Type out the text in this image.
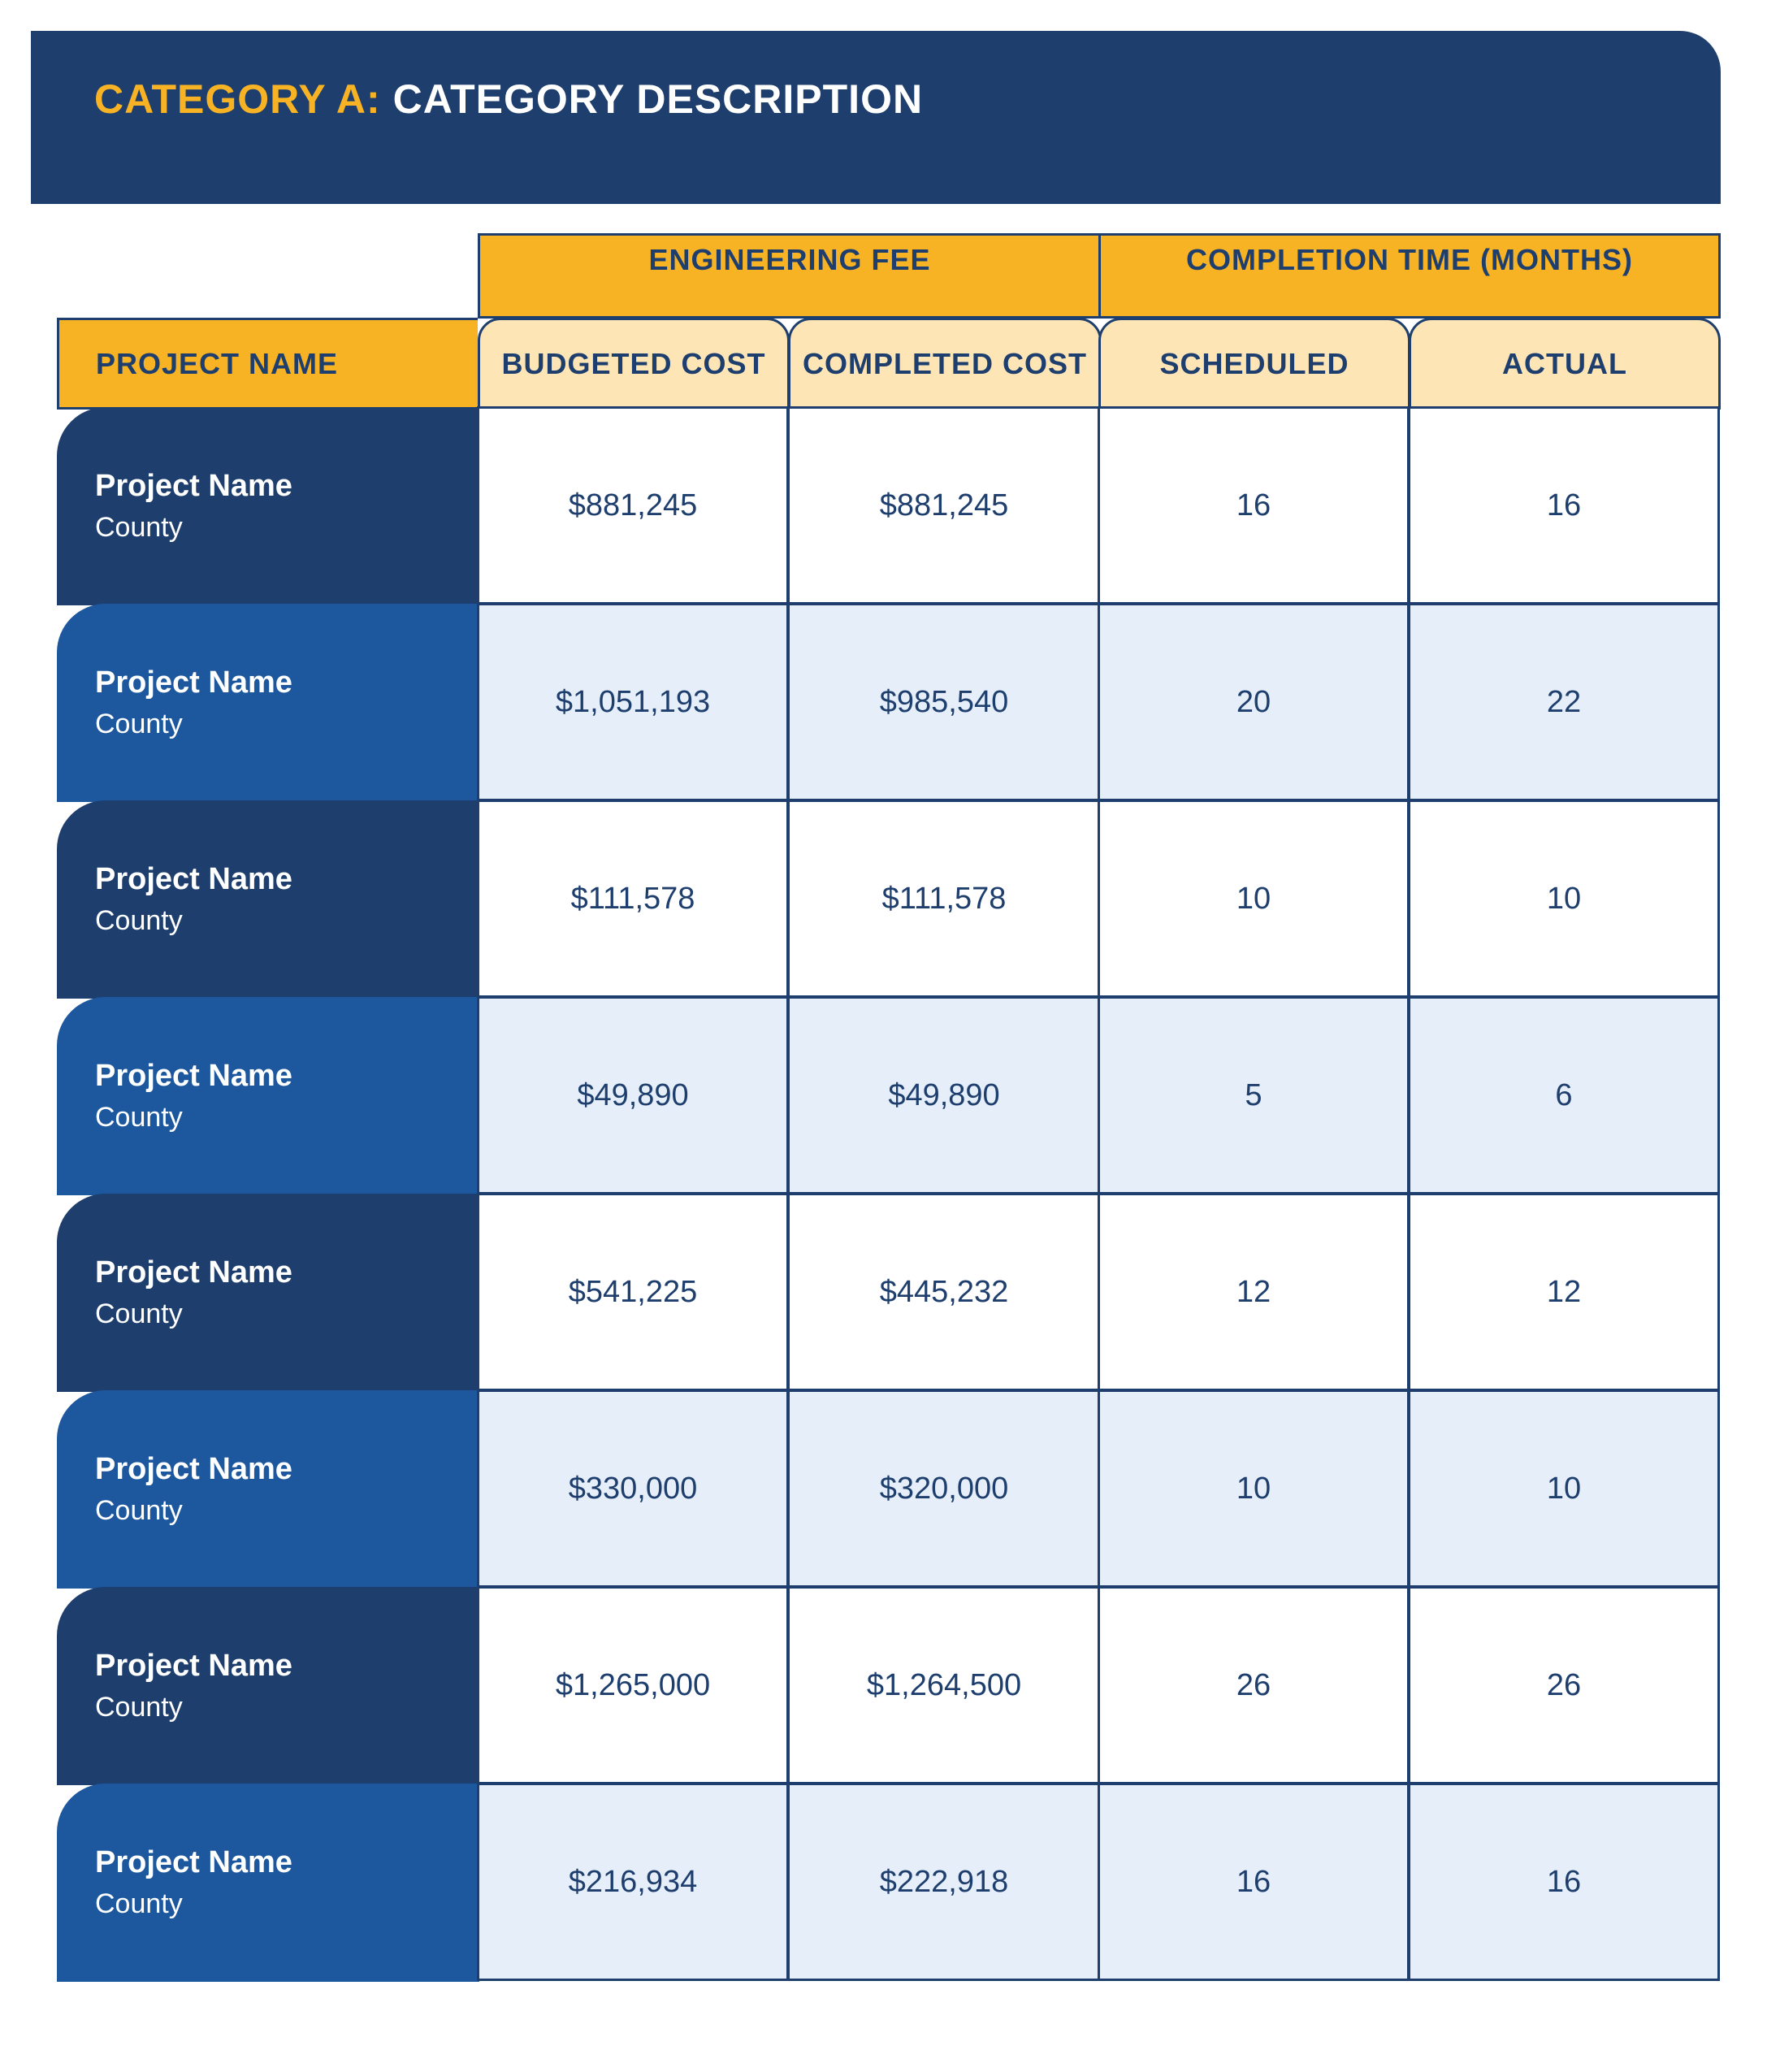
CATEGORY A: CATEGORY DESCRIPTION
ENGINEERING FEE	COMPLETION TIME (MONTHS)
PROJECT NAME	BUDGETED COST	COMPLETED COST	SCHEDULED	ACTUAL
Project Name
County
$881,245	$881,245	16	16
Project Name
County
$1,051,193	$985,540	20	22
Project Name
County
$111,578	$111,578	10	10
Project Name
County
$49,890	$49,890	5	6
Project Name
County
$541,225	$445,232	12	12
Project Name
County
$330,000	$320,000	10	10
Project Name
County
$1,265,000	$1,264,500	26	26
Project Name
County
$216,934	$222,918	16	16
